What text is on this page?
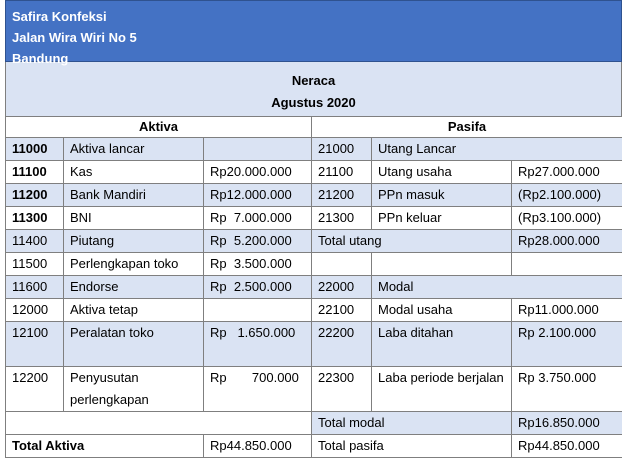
Safira Konfeksi
Jalan Wira Wiri No 5
Bandung
Neraca
Agustus 2020
Aktiva			Pasifa		
11000	Aktiva lancar		21000	Utang Lancar	
11100	Kas	Rp20.000.000	21100	Utang usaha	Rp27.000.000
11200	Bank Mandiri	Rp12.000.000	21200	PPn masuk	(Rp2.100.000)
11300	BNI	Rp  7.000.000	21300	PPn keluar	(Rp3.100.000)
11400	Piutang	Rp  5.200.000	Total utang		Rp28.000.000
11500	Perlengkapan toko	Rp  3.500.000			
11600	Endorse	Rp  2.500.000	22000	Modal	
12000	Aktiva tetap		22100	Modal usaha	Rp11.000.000
12100	Peralatan toko	Rp   1.650.000	22200	Laba ditahan	Rp 2.100.000
12200	Penyusutan perlengkapan	Rp       700.000	22300	Laba periode berjalan	Rp 3.750.000
			Total modal		Rp16.850.000
Total Aktiva		Rp44.850.000	Total pasifa		Rp44.850.000
